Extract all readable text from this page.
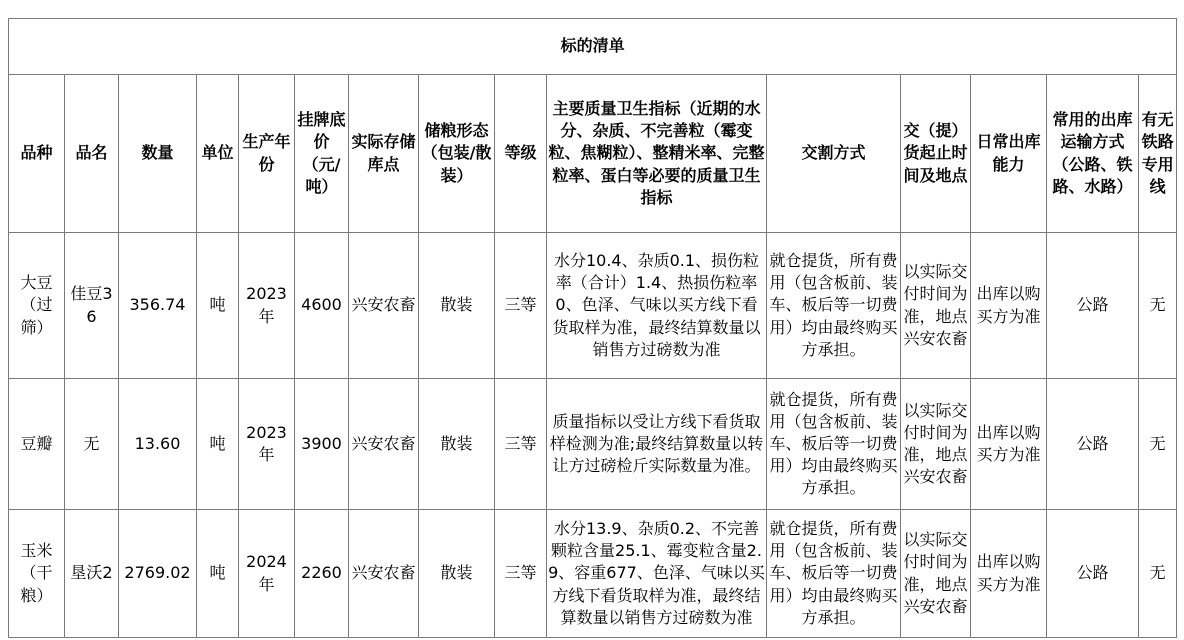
标的清单														
品种	品名	数量	单位	生产年份	挂牌底价（元/吨）	实际存储库点	储粮形态（包装/散装）	等级	主要质量卫生指标（近期的水分、杂质、不完善粒（霉变粒、焦糊粒）、整精米率、完整粒率、蛋白等必要的质量卫生指标	交割方式	交（提）货起止时间及地点	日常出库能力	常用的出库运输方式（公路、铁路、水路）	有无铁路专用线
大豆（过筛）	佳豆36	356.74	吨	2023年	4600	兴安农畜	散装	三等	水分10.4、杂质0.1、损伤粒率（合计）1.4、热损伤粒率0、色泽、气味以买方线下看货取样为准，最终结算数量以销售方过磅数为准	就仓提货，所有费用（包含板前、装车、板后等一切费用）均由最终购买方承担。	以实际交付时间为准，地点兴安农畜	出库以购买方为准	公路	无
豆瓣	无	13.60	吨	2023年	3900	兴安农畜	散装	三等	质量指标以受让方线下看货取样检测为准;最终结算数量以转让方过磅检斤实际数量为准。	就仓提货，所有费用（包含板前、装车、板后等一切费用）均由最终购买方承担。	以实际交付时间为准，地点兴安农畜	出库以购买方为准	公路	无
玉米（干粮）	垦沃2	2769.02	吨	2024年	2260	兴安农畜	散装	三等	水分13.9、杂质0.2、不完善颗粒含量25.1、霉变粒含量2.9、容重677、色泽、气味以买方线下看货取样为准，最终结算数量以销售方过磅数为准	就仓提货，所有费用（包含板前、装车、板后等一切费用）均由最终购买方承担。	以实际交付时间为准，地点兴安农畜	出库以购买方为准	公路	无
